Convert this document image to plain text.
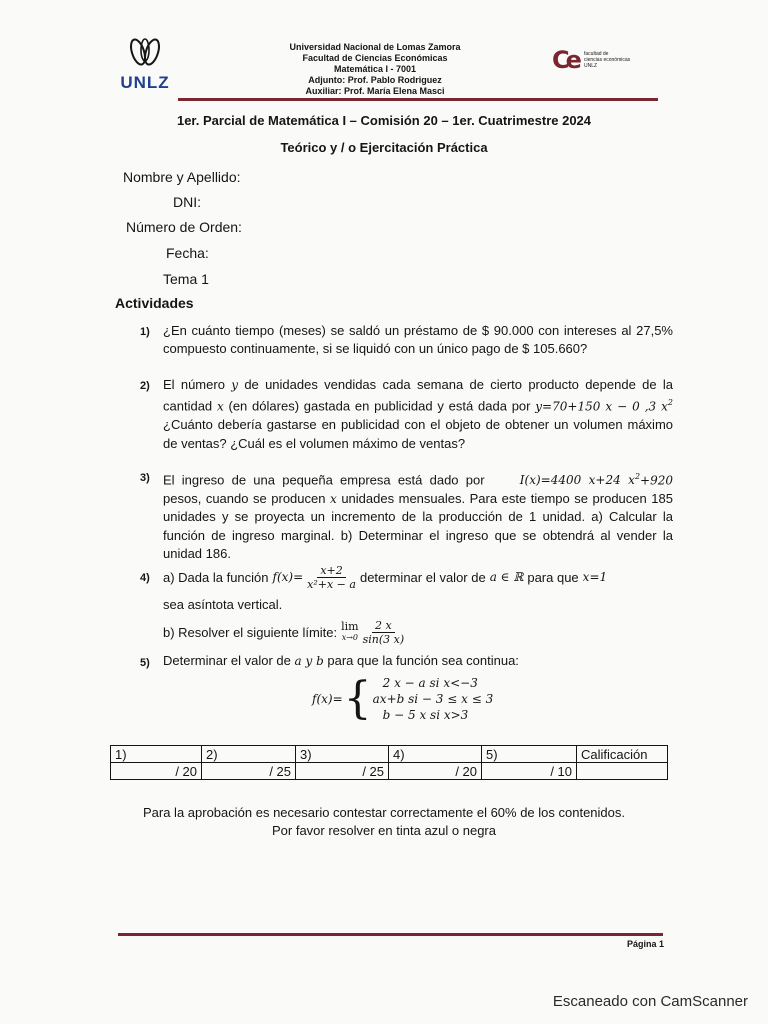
UNLZ
Universidad Nacional de Lomas Zamora
Facultad de Ciencias Económicas
Matemática I - 7001
Adjunto: Prof. Pablo Rodriguez
Auxiliar: Prof. María Elena Masci
Ce facultad de
ciencias económicas
UNLZ
1er. Parcial de Matemática I – Comisión 20 – 1er. Cuatrimestre 2024
Teórico y / o Ejercitación Práctica
Nombre y Apellido:
DNI:
Número de Orden:
Fecha:
Tema 1
Actividades
1) ¿En cuánto tiempo (meses) se saldó un préstamo de $ 90.000 con intereses al 27,5% compuesto continuamente, si se liquidó con un único pago de $ 105.660?
2) El número y de unidades vendidas cada semana de cierto producto depende de la cantidad x (en dólares) gastada en publicidad y está dada por y=70+150 x − 0 ,3 $x^2$ ¿Cuánto debería gastarse en publicidad con el objeto de obtener un volumen máximo de ventas? ¿Cuál es el volumen máximo de ventas?
3) El ingreso de una pequeña empresa está dado por	I(x)=4400 x+24 $x^2+920$ pesos, cuando se producen x unidades mensuales. Para este tiempo se producen 185 unidades y se proyecta un incremento de la producción de 1 unidad. a) Calcular la función de ingreso marginal. b) Determinar el ingreso que se obtendrá al vender la unidad 186.
4) a) Dada la función $f(x)= \frac{x+2}{\text{x²+x − a}}$ determinar el valor de a ∈ ℝ para que x=1
sea asíntota vertical.
b) Resolver el siguiente límite: lim
$x\to 0 \frac{2 x}{\sin(3 x)}$
5) Determinar el valor de a y b para que la función sea continua:
f(x)= { 2 x − a si x<−3
ax+b si − 3 ≤ x ≤ 3
b − 5 x si x>3
1)	2)	3)	4)	5)	Calificación
/ 20	/ 25	/ 25	/ 20	/ 10	
Para la aprobación es necesario contestar correctamente el 60% de los contenidos.
Por favor resolver en tinta azul o negra
Página 1
Escaneado con CamScanner
